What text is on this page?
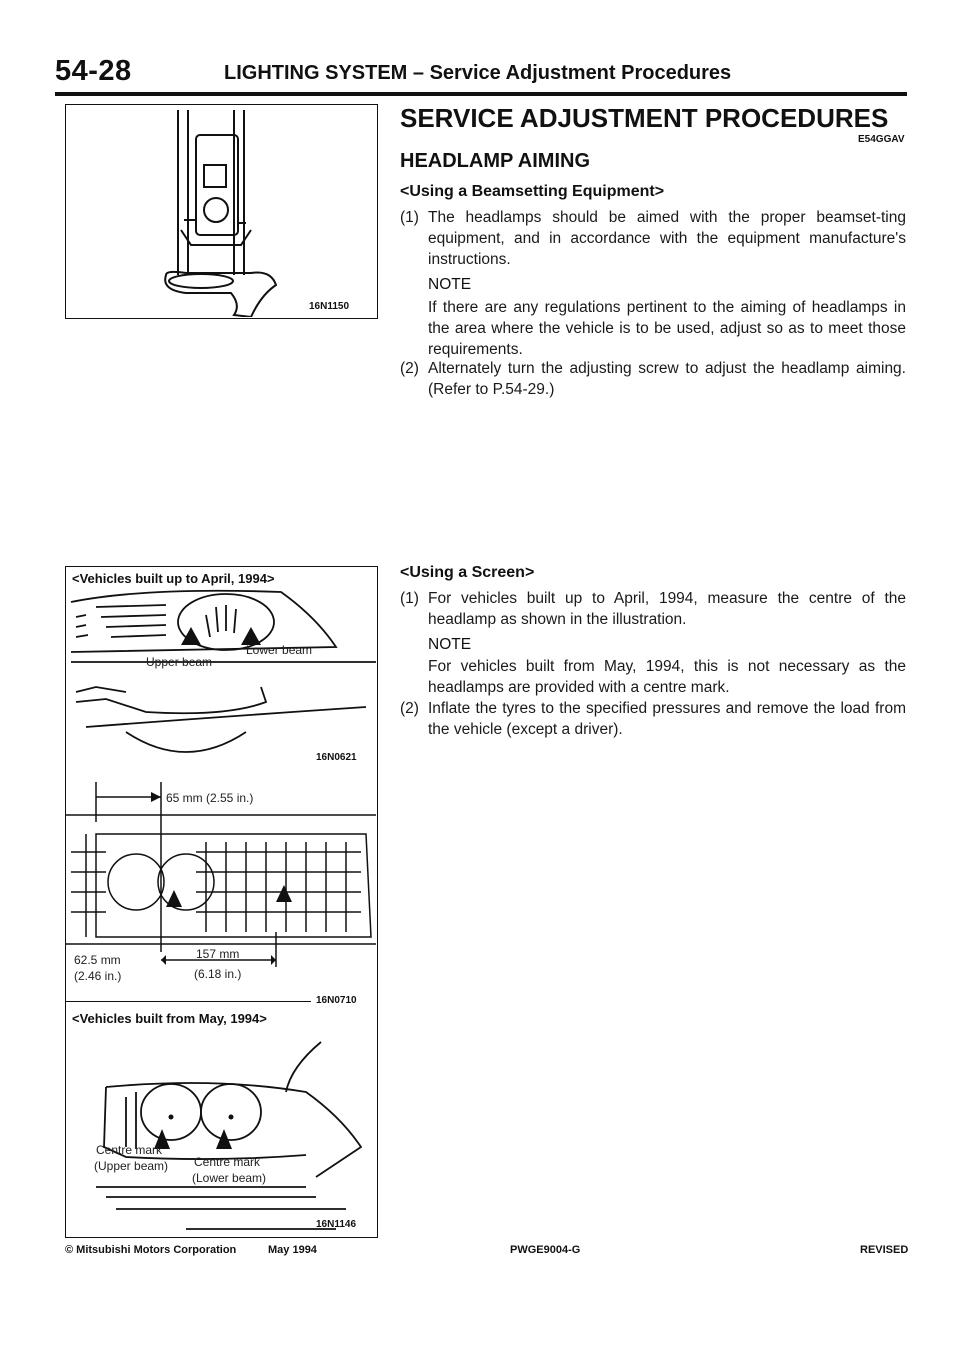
54-28	LIGHTING SYSTEM – Service Adjustment Procedures
16N1150
<Vehicles built up to April, 1994>
Lower beam
Upper beam
16N0621
65 mm (2.55 in.)
62.5 mm
(2.46 in.)
157 mm
(6.18 in.)
16N0710
<Vehicles built from May, 1994>
Centre mark
(Upper beam) Centre mark
(Lower beam)
16N1146
SERVICE ADJUSTMENT PROCEDURES
E54GGAV
HEADLAMP AIMING
<Using a Beamsetting Equipment>
(1) The headlamps should be aimed with the proper beamset-ting equipment, and in accordance with the equipment manufacture's instructions.
NOTE
If there are any regulations pertinent to the aiming of headlamps in the area where the vehicle is to be used, adjust so as to meet those requirements.
(2) Alternately turn the adjusting screw to adjust the headlamp aiming. (Refer to P.54-29.)
<Using a Screen>
(1) For vehicles built up to April, 1994, measure the centre of the headlamp as shown in the illustration.
NOTE
For vehicles built from May, 1994, this is not necessary as the headlamps are provided with a centre mark.
(2) Inflate the tyres to the specified pressures and remove the load from the vehicle (except a driver).
© Mitsubishi Motors Corporation	May 1994	PWGE9004-G	REVISED
